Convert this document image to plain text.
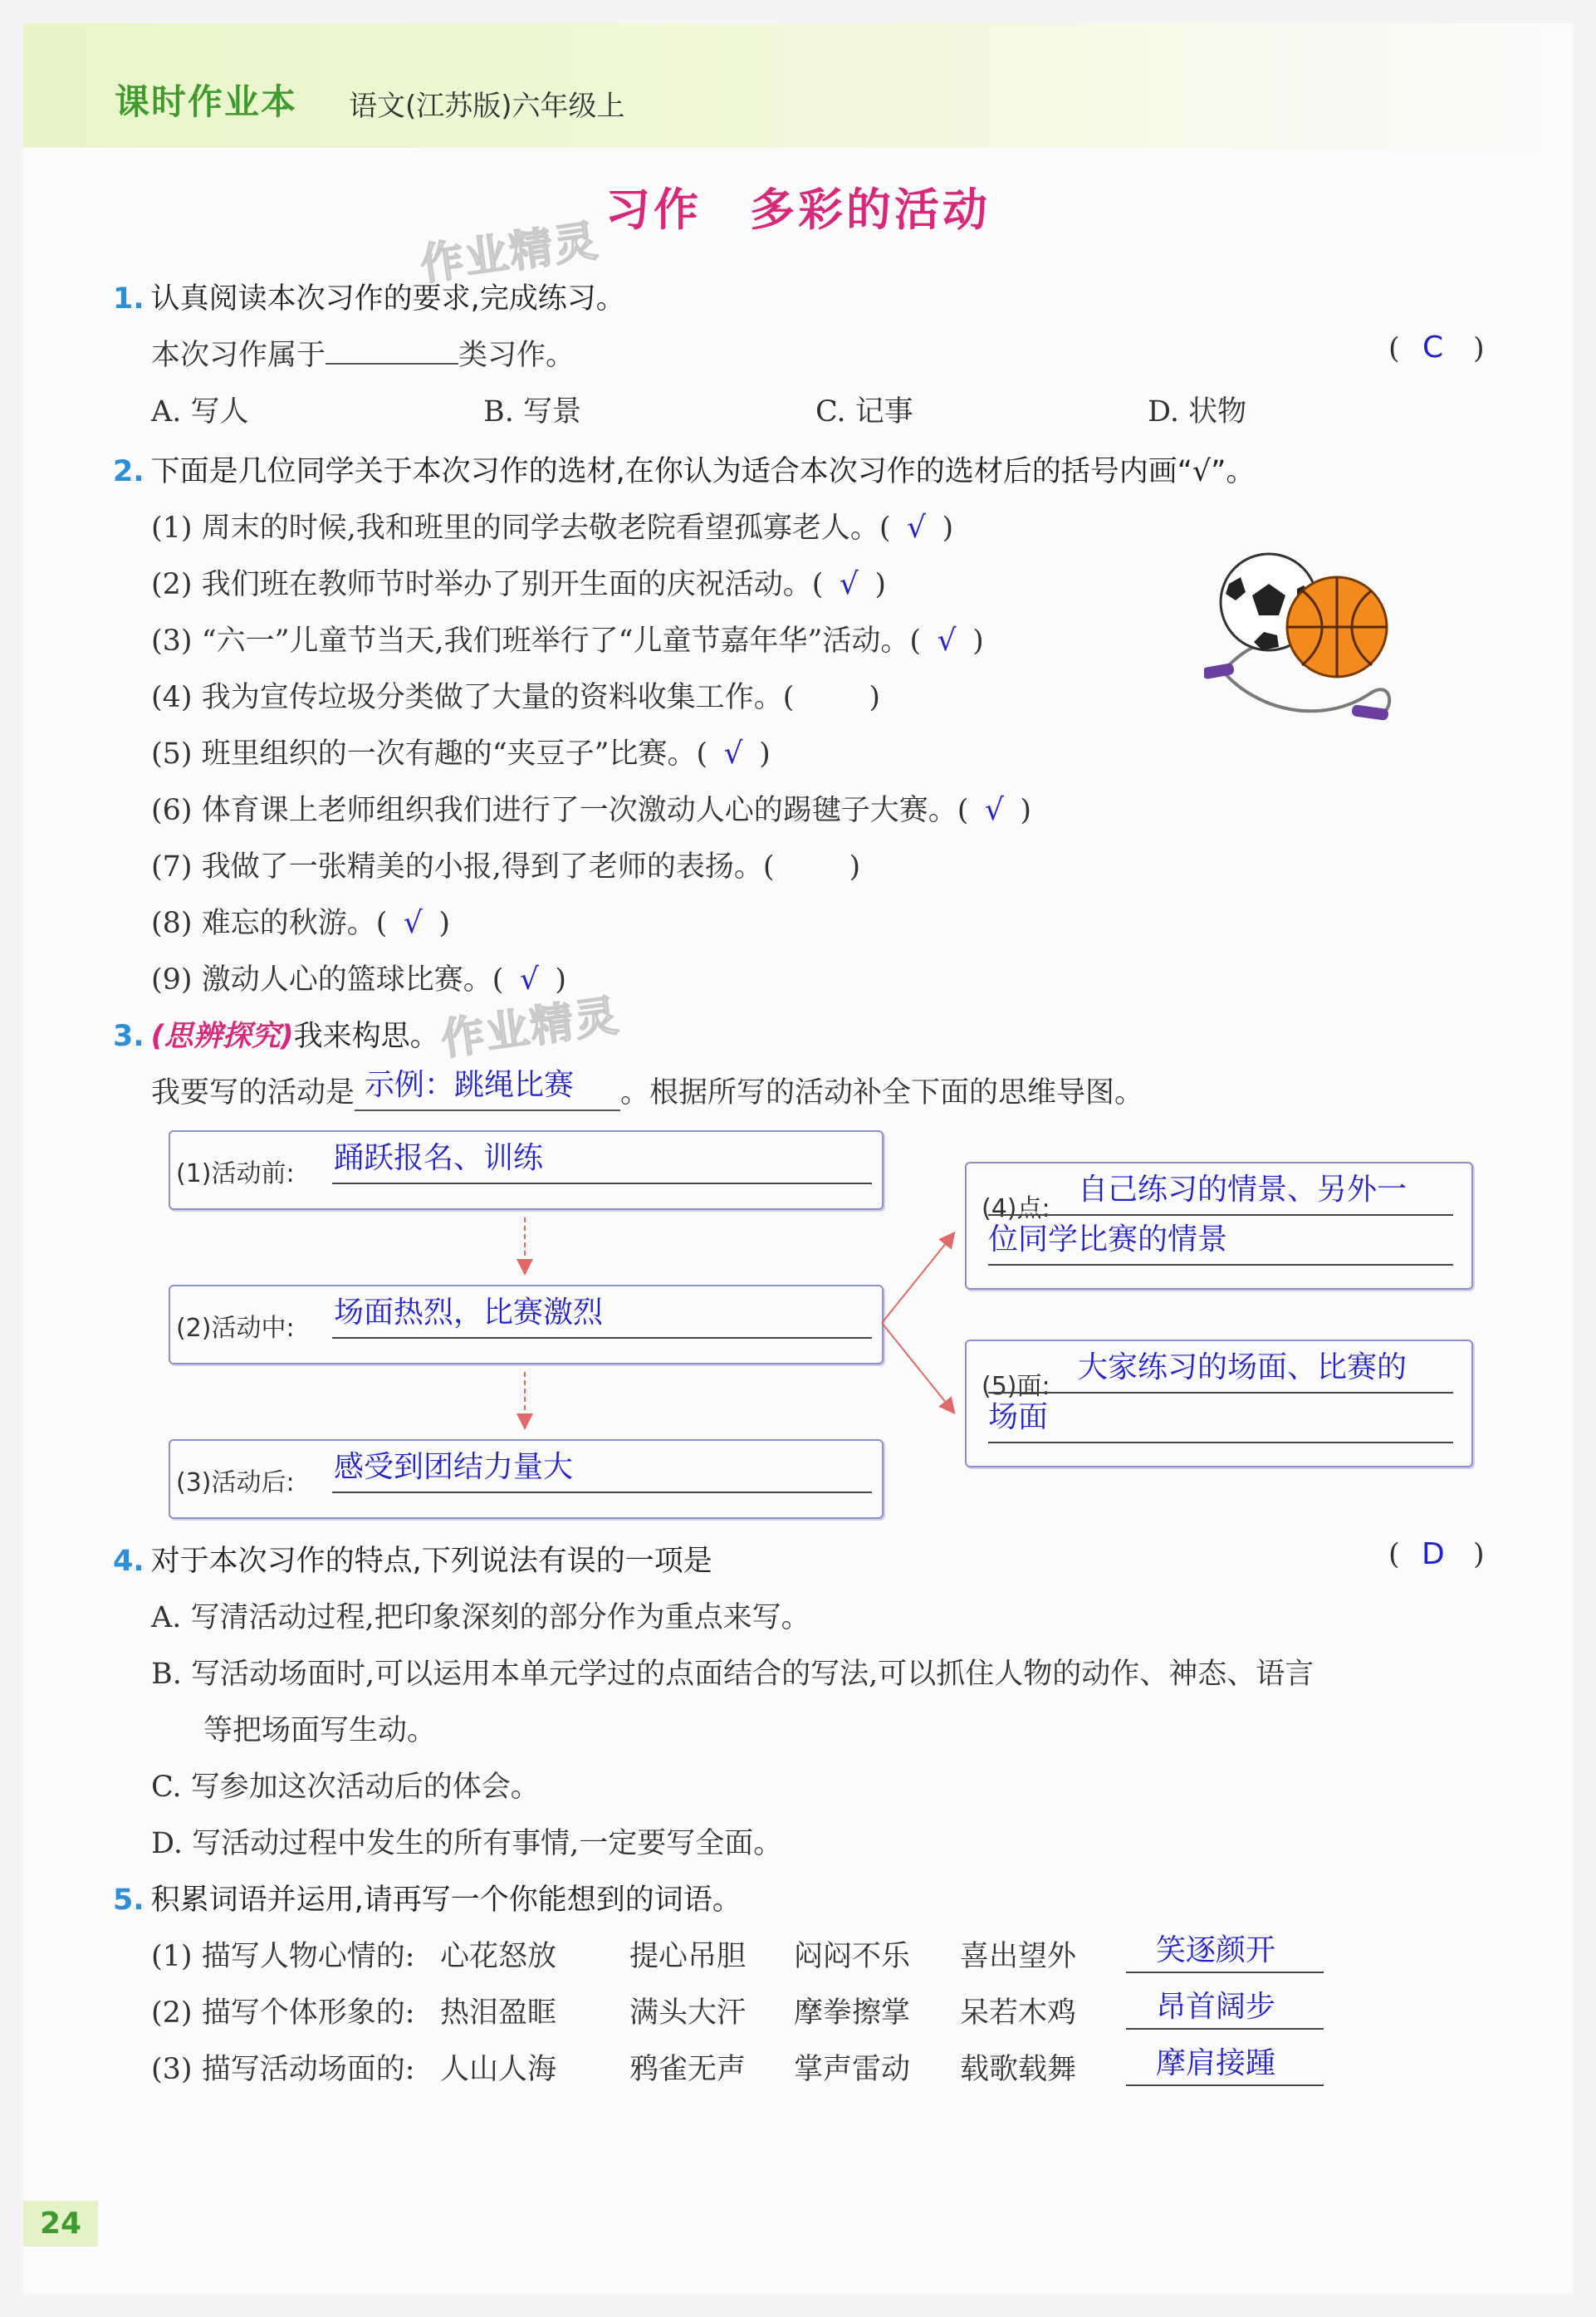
课时作业本 语文(江苏版)六年级上
习作　多彩的活动
作业精灵
作业精灵
1. 认真阅读本次习作的要求,完成练习。
本次习作属于	类习作。	( C )
A. 写人	B. 写景	C. 记事	D. 状物
2. 下面是几位同学关于本次习作的选材,在你认为适合本次习作的选材后的括号内画“√”。
(1) 周末的时候,我和班里的同学去敬老院看望孤寡老人。( √ )
(2) 我们班在教师节时举办了别开生面的庆祝活动。( √ )
(3) “六一”儿童节当天,我们班举行了“儿童节嘉年华”活动。( √ )
(4) 我为宣传垃圾分类做了大量的资料收集工作。(	)
(5) 班里组织的一次有趣的“夹豆子”比赛。( √ )
(6) 体育课上老师组织我们进行了一次激动人心的踢毽子大赛。( √ )
(7) 我做了一张精美的小报,得到了老师的表扬。(	)
(8) 难忘的秋游。( √ )
(9) 激动人心的篮球比赛。( √ )
3. (思辨探究)我来构思。
我要写的活动是 示例：跳绳比赛 。根据所写的活动补全下面的思维导图。
(1)活动前: 踊跃报名、训练
(2)活动中: 场面热烈，比赛激烈
(3)活动后: 感受到团结力量大
(4)点:
自己练习的情景、另外一
位同学比赛的情景
(5)面:
大家练习的场面、比赛的
场面
4. 对于本次习作的特点,下列说法有误的一项是	( D )
A. 写清活动过程,把印象深刻的部分作为重点来写。
B. 写活动场面时,可以运用本单元学过的点面结合的写法,可以抓住人物的动作、神态、语言
等把场面写生动。
C. 写参加这次活动后的体会。
D. 写活动过程中发生的所有事情,一定要写全面。
5. 积累词语并运用,请再写一个你能想到的词语。
(1) 描写人物心情的: 心花怒放	提心吊胆 闷闷不乐 喜出望外	笑逐颜开
(2) 描写个体形象的: 热泪盈眶	满头大汗 摩拳擦掌 呆若木鸡	昂首阔步
(3) 描写活动场面的: 人山人海	鸦雀无声 掌声雷动 载歌载舞	摩肩接踵
24
